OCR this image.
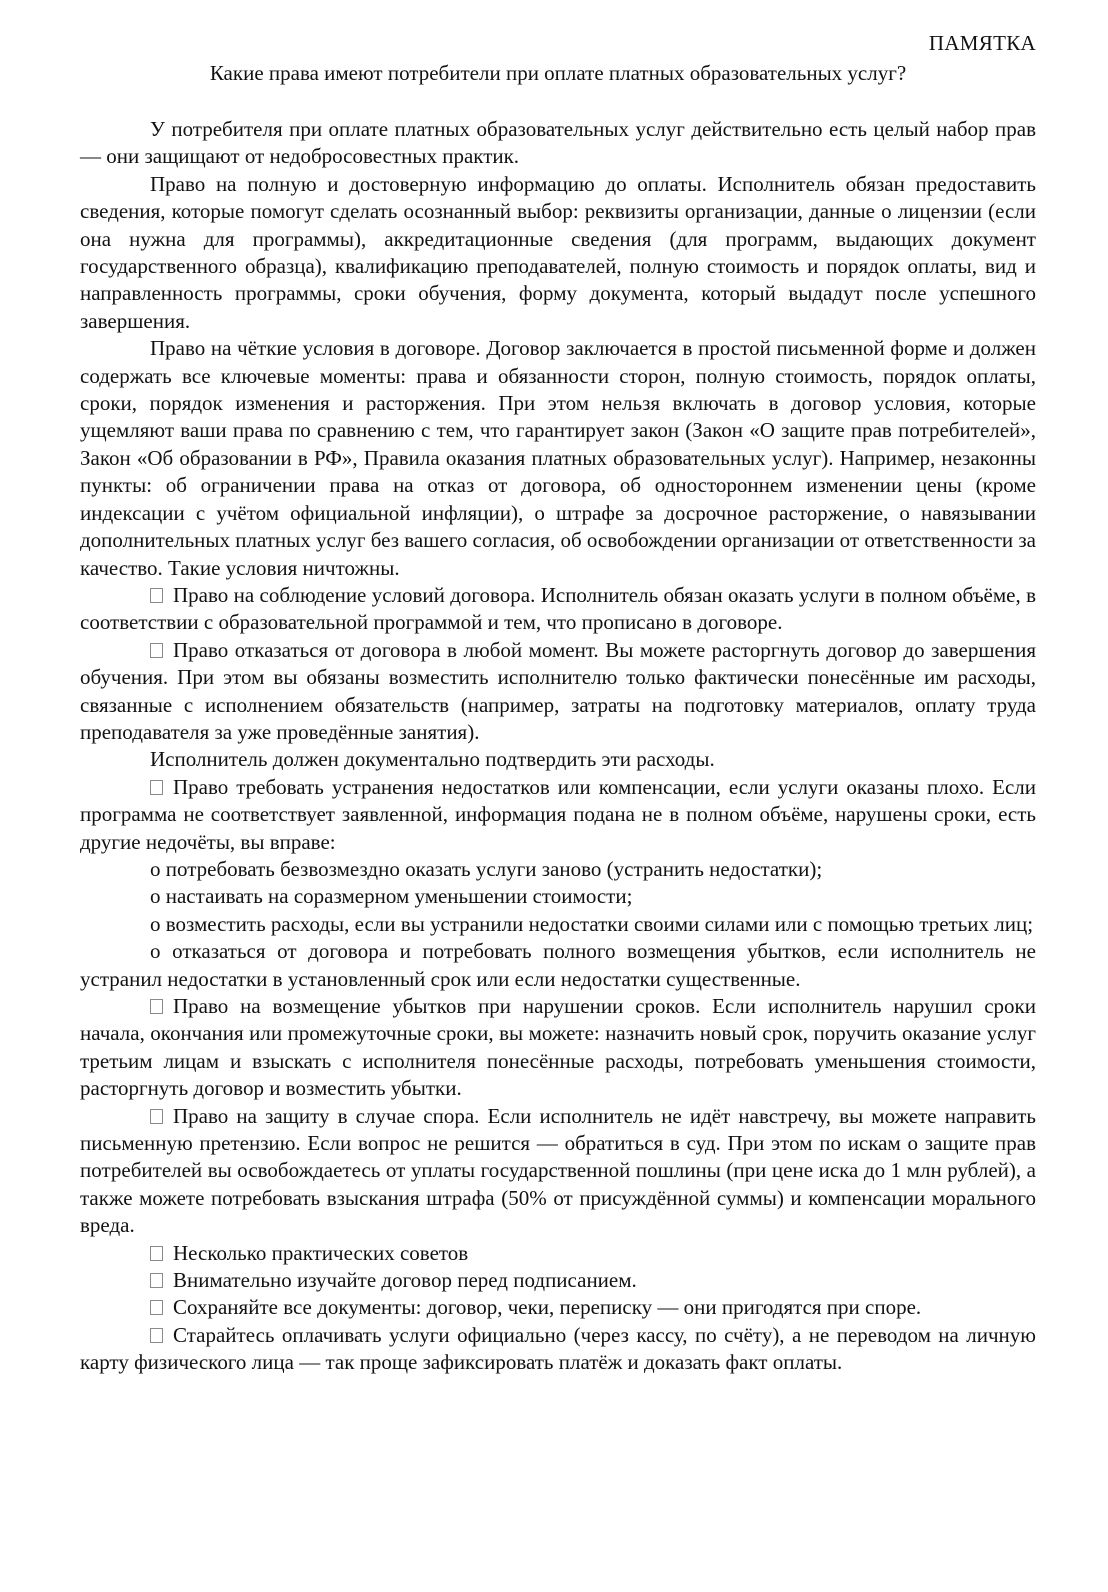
ПАМЯТКА

Какие права имеют потребители при оплате платных образовательных услуг?

У потребителя при оплате платных образовательных услуг действительно есть целый набор прав — они защищают от недобросовестных практик.

Право на полную и достоверную информацию до оплаты. Исполнитель обязан предоставить сведения, которые помогут сделать осознанный выбор: реквизиты организации, данные о лицензии (если она нужна для программы), аккредитационные сведения (для программ, выдающих документ государственного образца), квалификацию преподавателей, полную стоимость и порядок оплаты, вид и направленность программы, сроки обучения, форму документа, который выдадут после успешного завершения.

Право на чёткие условия в договоре. Договор заключается в простой письменной форме и должен содержать все ключевые моменты: права и обязанности сторон, полную стоимость, порядок оплаты, сроки, порядок изменения и расторжения. При этом нельзя включать в договор условия, которые ущемляют ваши права по сравнению с тем, что гарантирует закон (Закон «О защите прав потребителей», Закон «Об образовании в РФ», Правила оказания платных образовательных услуг). Например, незаконны пункты: об ограничении права на отказ от договора, об одностороннем изменении цены (кроме индексации с учётом официальной инфляции), о штрафе за досрочное расторжение, о навязывании дополнительных платных услуг без вашего согласия, об освобождении организации от ответственности за качество. Такие условия ничтожны.

Право на соблюдение условий договора. Исполнитель обязан оказать услуги в полном объёме, в соответствии с образовательной программой и тем, что прописано в договоре.

Право отказаться от договора в любой момент. Вы можете расторгнуть договор до завершения обучения. При этом вы обязаны возместить исполнителю только фактически понесённые им расходы, связанные с исполнением обязательств (например, затраты на подготовку материалов, оплату труда преподавателя за уже проведённые занятия).

Исполнитель должен документально подтвердить эти расходы.

Право требовать устранения недостатков или компенсации, если услуги оказаны плохо. Если программа не соответствует заявленной, информация подана не в полном объёме, нарушены сроки, есть другие недочёты, вы вправе:

о потребовать безвозмездно оказать услуги заново (устранить недостатки);

о настаивать на соразмерном уменьшении стоимости;

о возместить расходы, если вы устранили недостатки своими силами или с помощью третьих лиц;

о отказаться от договора и потребовать полного возмещения убытков, если исполнитель не устранил недостатки в установленный срок или если недостатки существенные.

Право на возмещение убытков при нарушении сроков. Если исполнитель нарушил сроки начала, окончания или промежуточные сроки, вы можете: назначить новый срок, поручить оказание услуг третьим лицам и взыскать с исполнителя понесённые расходы, потребовать уменьшения стоимости, расторгнуть договор и возместить убытки.

Право на защиту в случае спора. Если исполнитель не идёт навстречу, вы можете направить письменную претензию. Если вопрос не решится — обратиться в суд. При этом по искам о защите прав потребителей вы освобождаетесь от уплаты государственной пошлины (при цене иска до 1 млн рублей), а также можете потребовать взыскания штрафа (50% от присуждённой суммы) и компенсации морального вреда.

Несколько практических советов

Внимательно изучайте договор перед подписанием.

Сохраняйте все документы: договор, чеки, переписку — они пригодятся при споре.

Старайтесь оплачивать услуги официально (через кассу, по счёту), а не переводом на личную карту физического лица — так проще зафиксировать платёж и доказать факт оплаты.
